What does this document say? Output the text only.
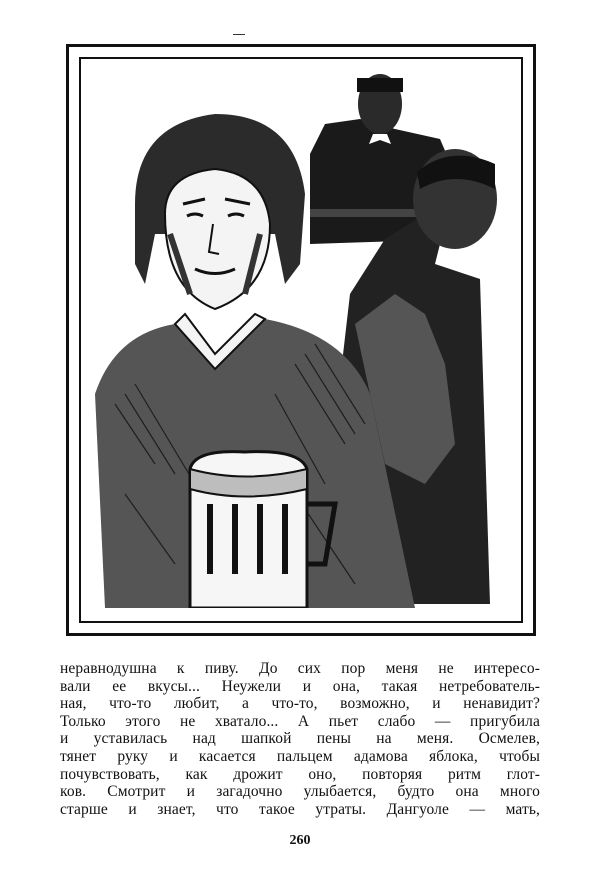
неравнодушна к пиву. До сих пор меня не интересо-
вали ее вкусы... Неужели и она, такая нетребователь-
ная, что-то любит, а что-то, возможно, и ненавидит?
Только этого не хватало... А пьет слабо — пригубила
и уставилась над шапкой пены на меня. Осмелев,
тянет руку и касается пальцем адамова яблока, чтобы
почувствовать, как дрожит оно, повторяя ритм глот-
ков. Смотрит и загадочно улыбается, будто она много
старше и знает, что такое утраты. Дангуоле — мать,
260
